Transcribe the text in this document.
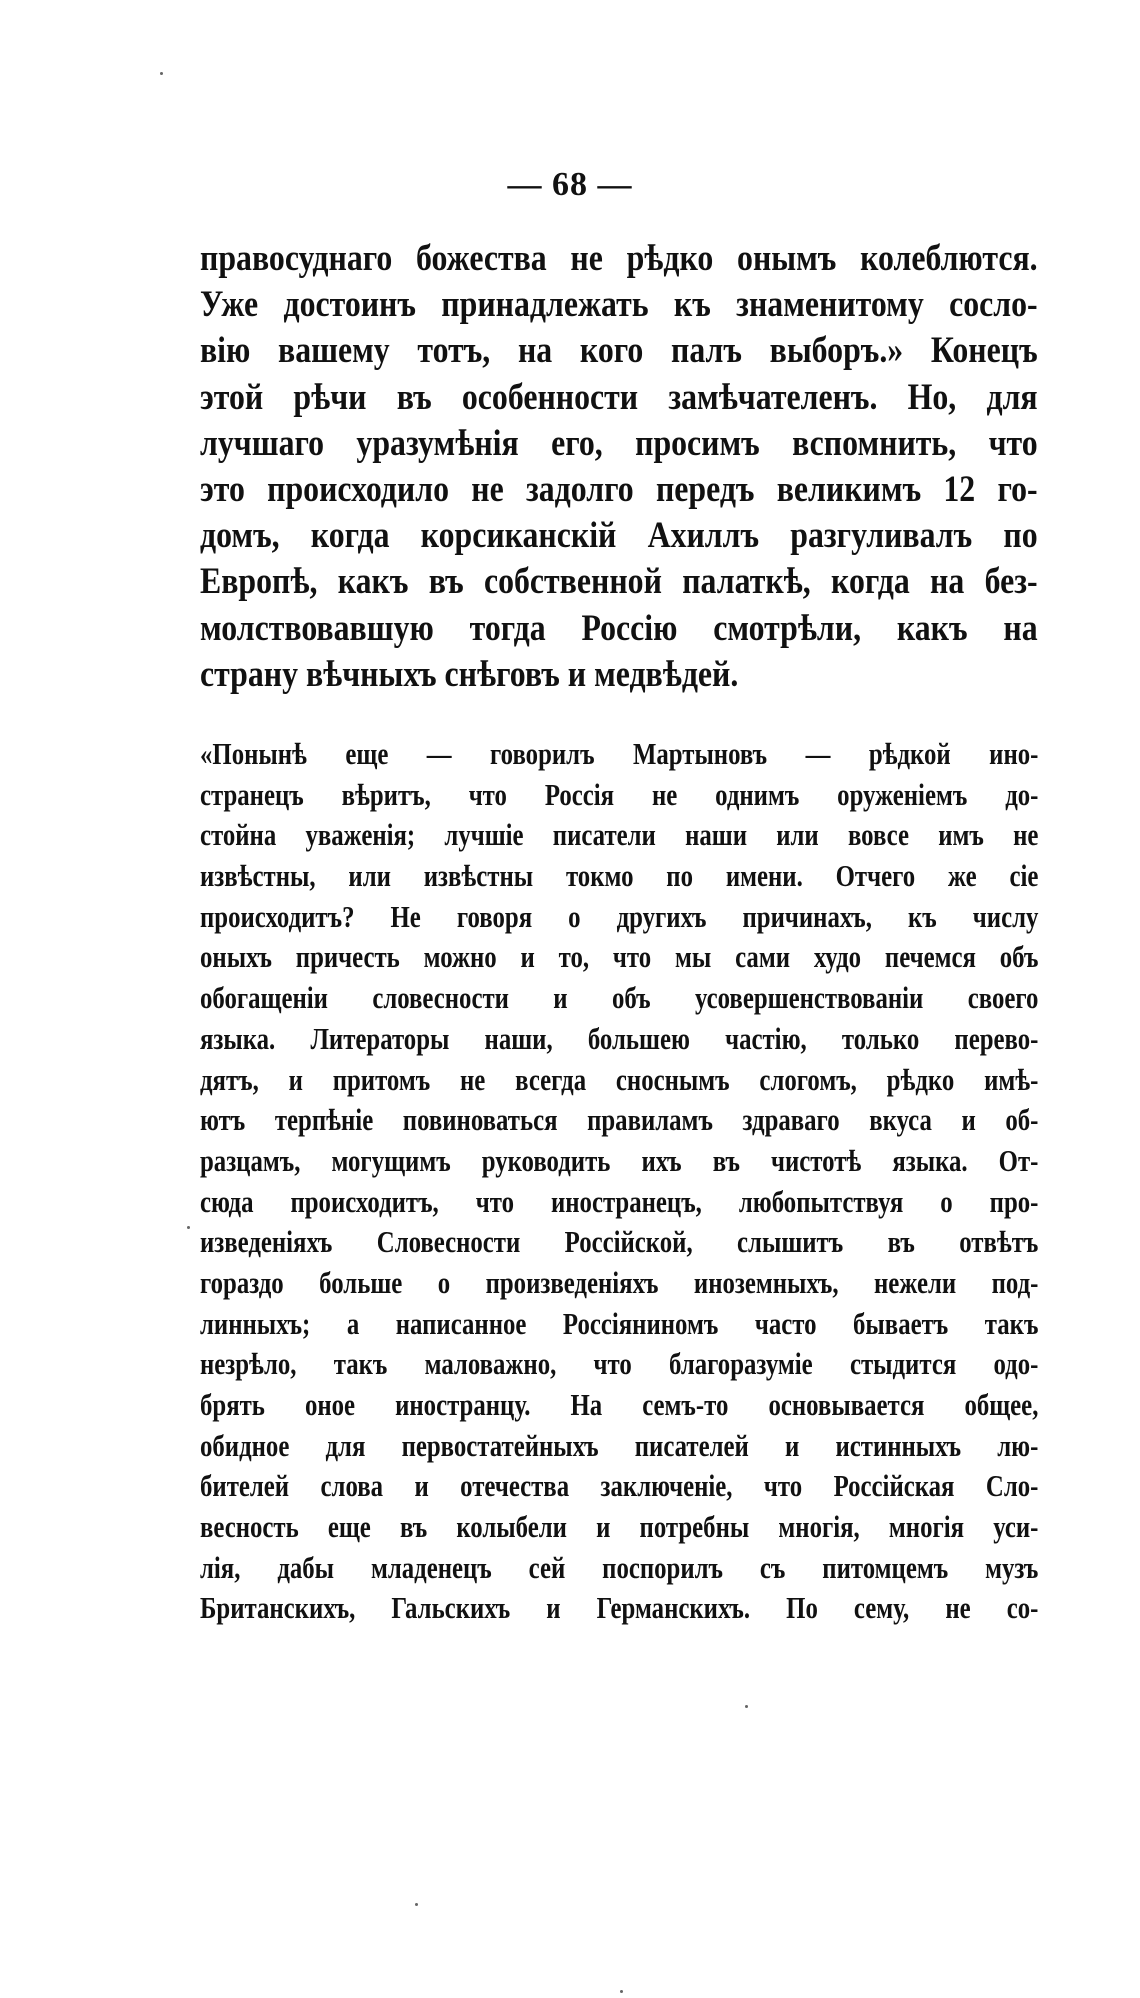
— 68 —
правосуднаго божества не рѣдко онымъ колеблются.
Уже достоинъ принадлежать къ знаменитому сосло-
вію вашему тотъ, на кого палъ выборъ.» Конецъ
этой рѣчи въ особенности замѣчателенъ. Но, для
лучшаго уразумѣнія его, просимъ вспомнить, что
это происходило не задолго передъ великимъ 12 го-
домъ, когда корсиканскій Ахиллъ разгуливалъ по
Европѣ, какъ въ собственной палаткѣ, когда на без-
молствовавшую тогда Россію смотрѣли, какъ на
страну вѣчныхъ снѣговъ и медвѣдей.
«Понынѣ еще — говорилъ Мартыновъ — рѣдкой ино-
странецъ вѣритъ, что Россія не однимъ оруженіемъ до-
стойна уваженія; лучшіе писатели наши или вовсе имъ не
извѣстны, или извѣстны токмо по имени. Отчего же сіе
происходитъ? Не говоря о другихъ причинахъ, къ числу
оныхъ причесть можно и то, что мы сами худо печемся объ
обогащеніи словесности и объ усовершенствованіи своего
языка. Литераторы наши, большею частію, только перево-
дятъ, и притомъ не всегда сноснымъ слогомъ, рѣдко имѣ-
ютъ терпѣніе повиноваться правиламъ здраваго вкуса и об-
разцамъ, могущимъ руководить ихъ въ чистотѣ языка. От-
сюда происходитъ, что иностранецъ, любопытствуя о про-
изведеніяхъ Словесности Россійской, слышитъ въ отвѣтъ
гораздо больше о произведеніяхъ иноземныхъ, нежели под-
линныхъ; а написанное Россіяниномъ часто бываетъ такъ
незрѣло, такъ маловажно, что благоразуміе стыдится одо-
брять оное иностранцу. На семъ-то основывается общее,
обидное для первостатейныхъ писателей и истинныхъ лю-
бителей слова и отечества заключеніе, что Россійская Сло-
весность еще въ колыбели и потребны многія, многія уси-
лія, дабы младенецъ сей поспорилъ съ питомцемъ музъ
Британскихъ, Гальскихъ и Германскихъ. По сему, не со-
